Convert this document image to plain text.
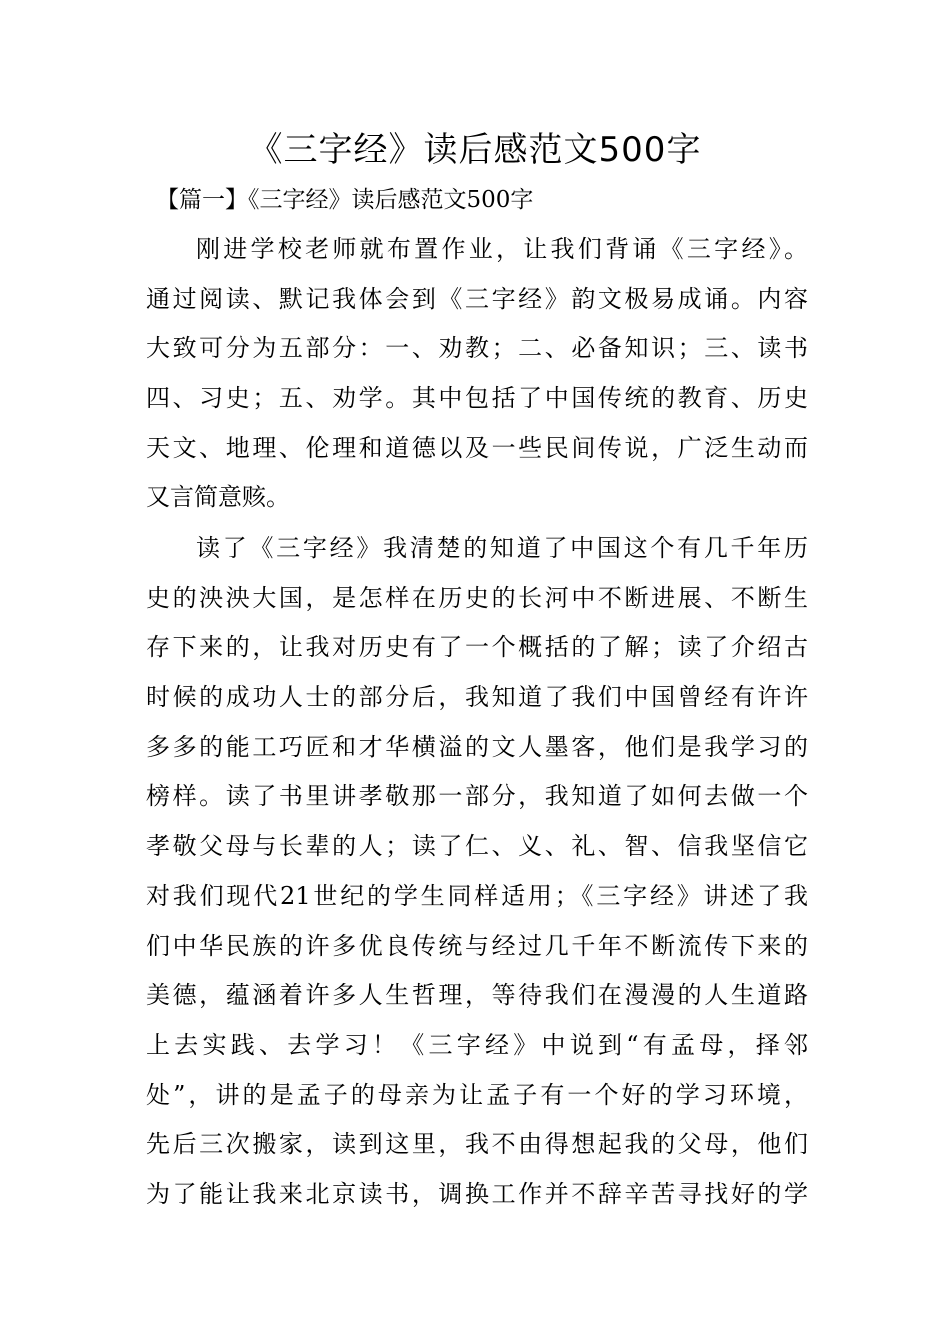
《三字经》读后感范文500字
【篇一】《三字经》读后感范文500字
刚进学校老师就布置作业，让我们背诵《三字经》。
通过阅读、默记我体会到《三字经》韵文极易成诵。内容
大致可分为五部分：一、劝教；二、必备知识；三、读书
四、习史；五、劝学。其中包括了中国传统的教育、历史
天文、地理、伦理和道德以及一些民间传说，广泛生动而
又言简意赅。
读了《三字经》我清楚的知道了中国这个有几千年历
史的泱泱大国，是怎样在历史的长河中不断进展、不断生
存下来的，让我对历史有了一个概括的了解；读了介绍古
时候的成功人士的部分后，我知道了我们中国曾经有许许
多多的能工巧匠和才华横溢的文人墨客，他们是我学习的
榜样。读了书里讲孝敬那一部分，我知道了如何去做一个
孝敬父母与长辈的人；读了仁、义、礼、智、信我坚信它
对我们现代21世纪的学生同样适用；《三字经》讲述了我
们中华民族的许多优良传统与经过几千年不断流传下来的
美德，蕴涵着许多人生哲理，等待我们在漫漫的人生道路
上去实践、去学习！《三字经》中说到“有孟母，择邻
处”，讲的是孟子的母亲为让孟子有一个好的学习环境，
先后三次搬家，读到这里，我不由得想起我的父母，他们
为了能让我来北京读书，调换工作并不辞辛苦寻找好的学
